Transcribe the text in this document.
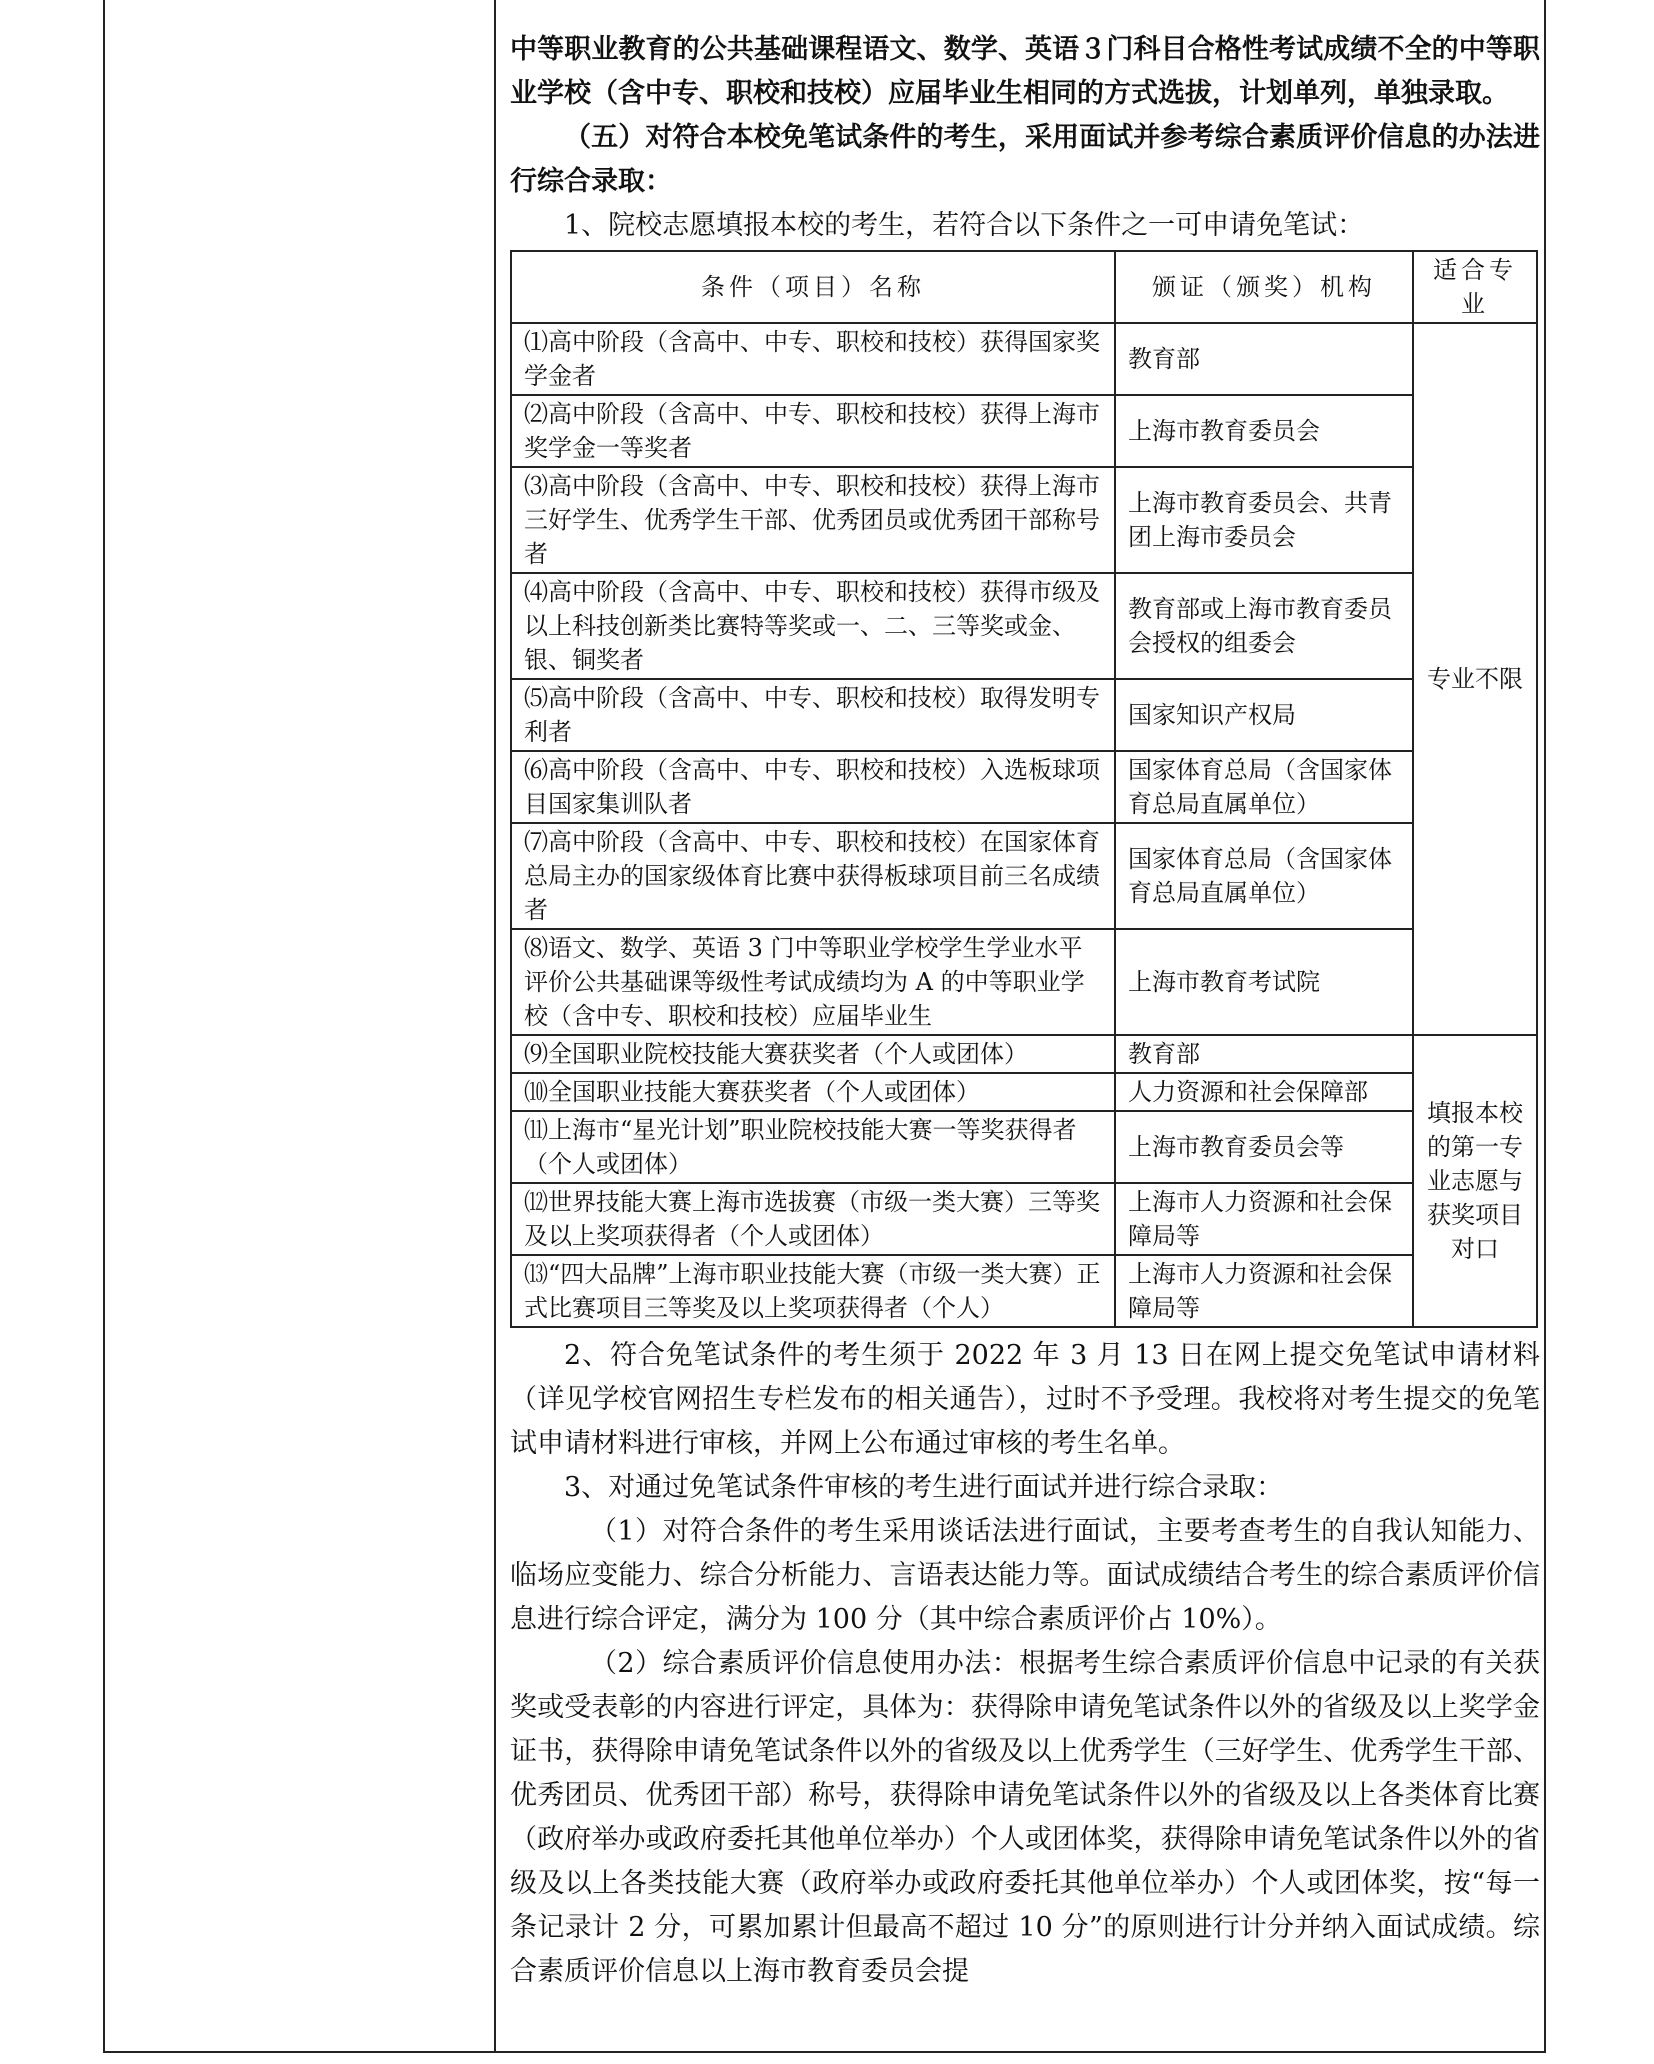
中等职业教育的公共基础课程语文、数学、英语３门科目合格性考试成绩不全的中等职业学校（含中专、职校和技校）应届毕业生相同的方式选拔，计划单列，单独录取。

（五）对符合本校免笔试条件的考生，采用面试并参考综合素质评价信息的办法进行综合录取：

1、院校志愿填报本校的考生，若符合以下条件之一可申请免笔试：

条件（项目）名称	颁证（颁奖）机构	适合专业
⑴高中阶段（含高中、中专、职校和技校）获得国家奖学金者	教育部	专业不限
⑵高中阶段（含高中、中专、职校和技校）获得上海市奖学金一等奖者	上海市教育委员会	
⑶高中阶段（含高中、中专、职校和技校）获得上海市三好学生、优秀学生干部、优秀团员或优秀团干部称号者	上海市教育委员会、共青团上海市委员会	
⑷高中阶段（含高中、中专、职校和技校）获得市级及以上科技创新类比赛特等奖或一、二、三等奖或金、银、铜奖者	教育部或上海市教育委员会授权的组委会	
⑸高中阶段（含高中、中专、职校和技校）取得发明专利者	国家知识产权局	
⑹高中阶段（含高中、中专、职校和技校）入选板球项目国家集训队者	国家体育总局（含国家体育总局直属单位）	
⑺高中阶段（含高中、中专、职校和技校）在国家体育总局主办的国家级体育比赛中获得板球项目前三名成绩者	国家体育总局（含国家体育总局直属单位）	
⑻语文、数学、英语 3 门中等职业学校学生学业水平评价公共基础课等级性考试成绩均为 A 的中等职业学校（含中专、职校和技校）应届毕业生	上海市教育考试院	
⑼全国职业院校技能大赛获奖者（个人或团体）	教育部	填报本校的第一专业志愿与获奖项目对口
⑽全国职业技能大赛获奖者（个人或团体）	人力资源和社会保障部	
⑾上海市“星光计划”职业院校技能大赛一等奖获得者（个人或团体）	上海市教育委员会等	
⑿世界技能大赛上海市选拔赛（市级一类大赛）三等奖及以上奖项获得者（个人或团体）	上海市人力资源和社会保障局等	
⒀“四大品牌”上海市职业技能大赛（市级一类大赛）正式比赛项目三等奖及以上奖项获得者（个人）	上海市人力资源和社会保障局等	

2、符合免笔试条件的考生须于 2022 年 3 月 13 日在网上提交免笔试申请材料（详见学校官网招生专栏发布的相关通告），过时不予受理。我校将对考生提交的免笔试申请材料进行审核，并网上公布通过审核的考生名单。

3、对通过免笔试条件审核的考生进行面试并进行综合录取：

（1）对符合条件的考生采用谈话法进行面试，主要考查考生的自我认知能力、临场应变能力、综合分析能力、言语表达能力等。面试成绩结合考生的综合素质评价信息进行综合评定，满分为 100 分（其中综合素质评价占 10%）。

（2）综合素质评价信息使用办法：根据考生综合素质评价信息中记录的有关获奖或受表彰的内容进行评定，具体为：获得除申请免笔试条件以外的省级及以上奖学金证书，获得除申请免笔试条件以外的省级及以上优秀学生（三好学生、优秀学生干部、优秀团员、优秀团干部）称号，获得除申请免笔试条件以外的省级及以上各类体育比赛（政府举办或政府委托其他单位举办）个人或团体奖，获得除申请免笔试条件以外的省级及以上各类技能大赛（政府举办或政府委托其他单位举办）个人或团体奖，按“每一条记录计 2 分，可累加累计但最高不超过 10 分”的原则进行计分并纳入面试成绩。综合素质评价信息以上海市教育委员会提
